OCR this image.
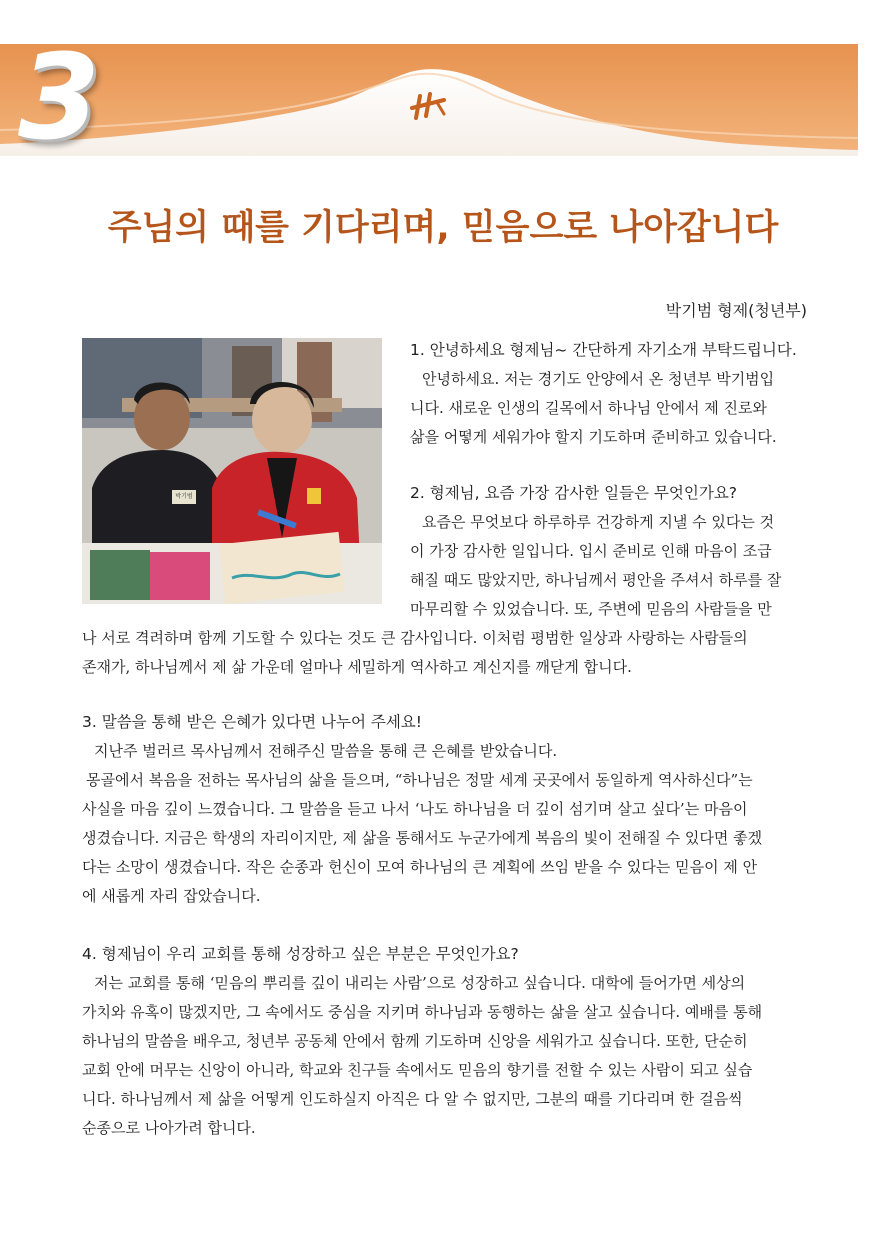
3
주님의 때를 기다리며, 믿음으로 나아갑니다
박기범 형제(청년부)
박기범
1. 안녕하세요 형제님~ 간단하게 자기소개 부탁드립니다.
안녕하세요. 저는 경기도 안양에서 온 청년부 박기범입
니다. 새로운 인생의 길목에서 하나님 안에서 제 진로와
삶을 어떻게 세워가야 할지 기도하며 준비하고 있습니다.
2. 형제님, 요즘 가장 감사한 일들은 무엇인가요?
요즘은 무엇보다 하루하루 건강하게 지낼 수 있다는 것
이 가장 감사한 일입니다. 입시 준비로 인해 마음이 조급
해질 때도 많았지만, 하나님께서 평안을 주셔서 하루를 잘
마무리할 수 있었습니다. 또, 주변에 믿음의 사람들을 만
나 서로 격려하며 함께 기도할 수 있다는 것도 큰 감사입니다. 이처럼 평범한 일상과 사랑하는 사람들의
존재가, 하나님께서 제 삶 가운데 얼마나 세밀하게 역사하고 계신지를 깨닫게 합니다.
3. 말씀을 통해 받은 은혜가 있다면 나누어 주세요!
지난주 벌러르 목사님께서 전해주신 말씀을 통해 큰 은혜를 받았습니다.
몽골에서 복음을 전하는 목사님의 삶을 들으며, “하나님은 정말 세계 곳곳에서 동일하게 역사하신다”는
사실을 마음 깊이 느꼈습니다. 그 말씀을 듣고 나서 ‘나도 하나님을 더 깊이 섬기며 살고 싶다’는 마음이
생겼습니다. 지금은 학생의 자리이지만, 제 삶을 통해서도 누군가에게 복음의 빛이 전해질 수 있다면 좋겠
다는 소망이 생겼습니다. 작은 순종과 헌신이 모여 하나님의 큰 계획에 쓰임 받을 수 있다는 믿음이 제 안
에 새롭게 자리 잡았습니다.
4. 형제님이 우리 교회를 통해 성장하고 싶은 부분은 무엇인가요?
저는 교회를 통해 ‘믿음의 뿌리를 깊이 내리는 사람’으로 성장하고 싶습니다. 대학에 들어가면 세상의
가치와 유혹이 많겠지만, 그 속에서도 중심을 지키며 하나님과 동행하는 삶을 살고 싶습니다. 예배를 통해
하나님의 말씀을 배우고, 청년부 공동체 안에서 함께 기도하며 신앙을 세워가고 싶습니다. 또한, 단순히
교회 안에 머무는 신앙이 아니라, 학교와 친구들 속에서도 믿음의 향기를 전할 수 있는 사람이 되고 싶습
니다. 하나님께서 제 삶을 어떻게 인도하실지 아직은 다 알 수 없지만, 그분의 때를 기다리며 한 걸음씩
순종으로 나아가려 합니다.
